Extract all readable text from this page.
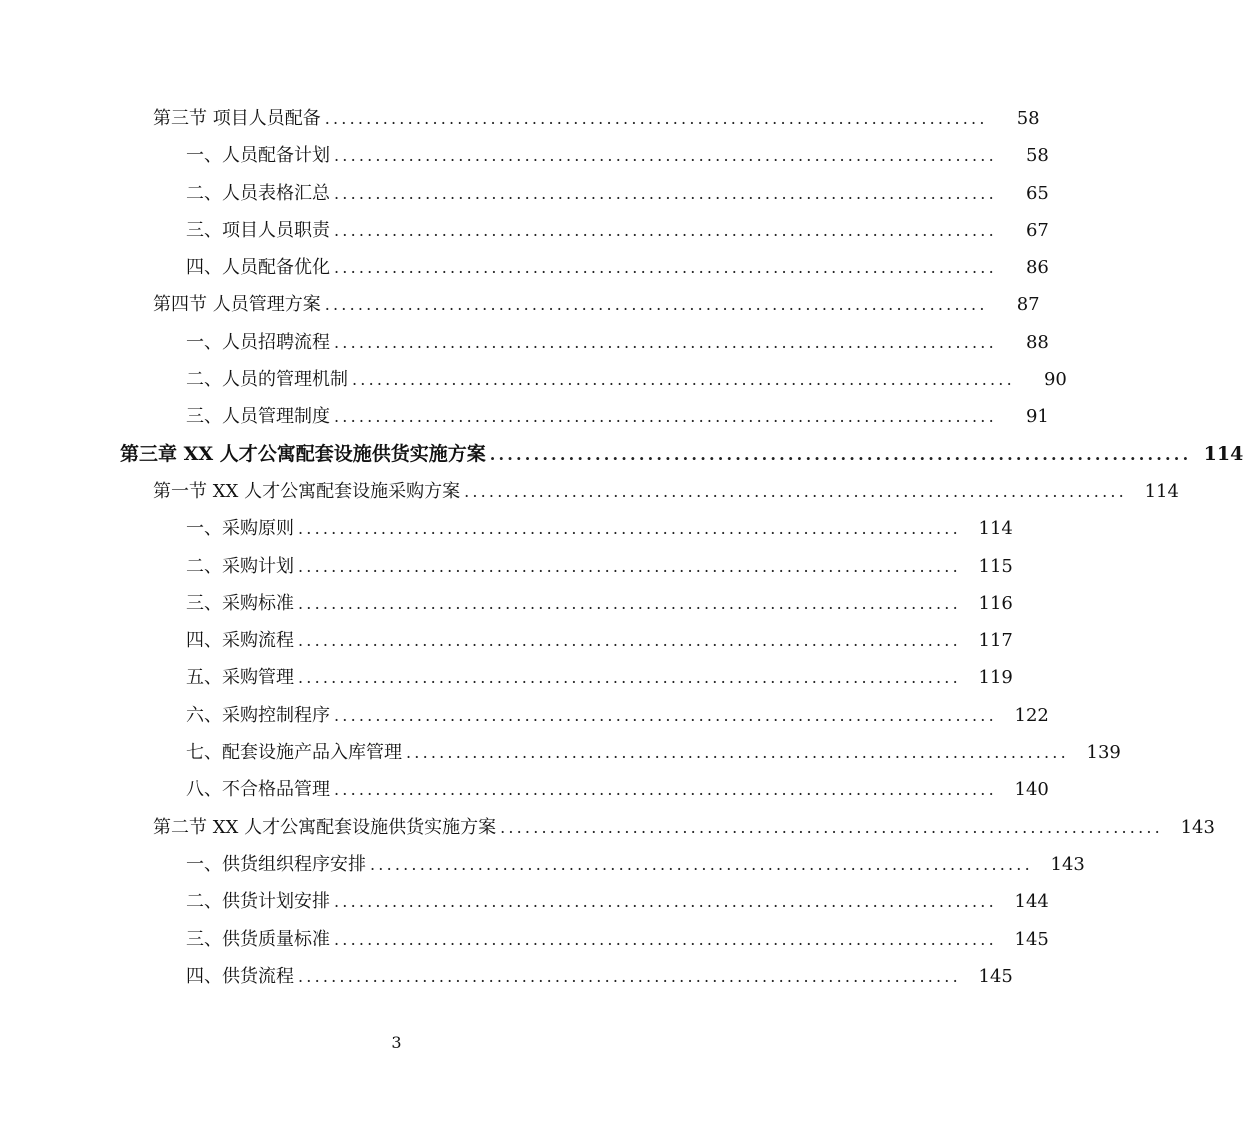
第三节 项目人员配备 ................................................................................	58
一、人员配备计划 ................................................................................	58
二、人员表格汇总 ................................................................................	65
三、项目人员职责 ................................................................................	67
四、人员配备优化 ................................................................................	86
第四节 人员管理方案 ................................................................................	87
一、人员招聘流程 ................................................................................	88
二、人员的管理机制 ................................................................................	90
三、人员管理制度 ................................................................................	91
第三章 XX 人才公寓配套设施供货实施方案 ................................................................................ 114
第一节 XX 人才公寓配套设施采购方案 ................................................................................ 114
一、采购原则 ................................................................................ 114
二、采购计划 ................................................................................ 115
三、采购标准 ................................................................................ 116
四、采购流程 ................................................................................ 117
五、采购管理 ................................................................................ 119
六、采购控制程序 ................................................................................ 122
七、配套设施产品入库管理 ................................................................................ 139
八、不合格品管理 ................................................................................ 140
第二节 XX 人才公寓配套设施供货实施方案 ................................................................................ 143
一、供货组织程序安排 ................................................................................ 143
二、供货计划安排 ................................................................................ 144
三、供货质量标准 ................................................................................ 145
四、供货流程 ................................................................................ 145
3
